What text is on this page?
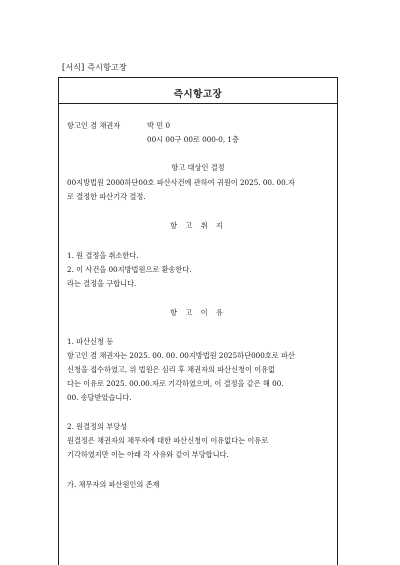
[서식] 즉시항고장
즉시항고장
항고인 겸 채권자	박 민 0
00시 00구 00로 000-0, 1층
항고 대상인 결정
00지방법원 2000하단00호 파산사건에 관하여 귀원이 2025. 00. 00.자
로 결정한 파산기각 결정.
항 고 취 지
1. 원 결정을 취소한다.
2. 이 사건을 00지방법원으로 환송한다.
라는 결정을 구합니다.
항 고 이 유
1. 파산신청 등
항고인 겸 채권자는 2025. 00. 00. 00지방법원 2025하단000호로 파산
신청을 접수하였고, 위 법원은 심리 후 채권자의 파산신청이 이유없
다는 이유로 2025. 00.00.자로 기각하였으며, 이 결정을 같은 해 00.
00. 송달받았습니다.
2. 원결정의 부당성
원결정은 채권자의 채무자에 대한 파산신청이 이유없다는 이유로
기각하였지만 이는 아래 각 사유와 같이 부당합니다.
가. 채무자의 파산원인의 존재
